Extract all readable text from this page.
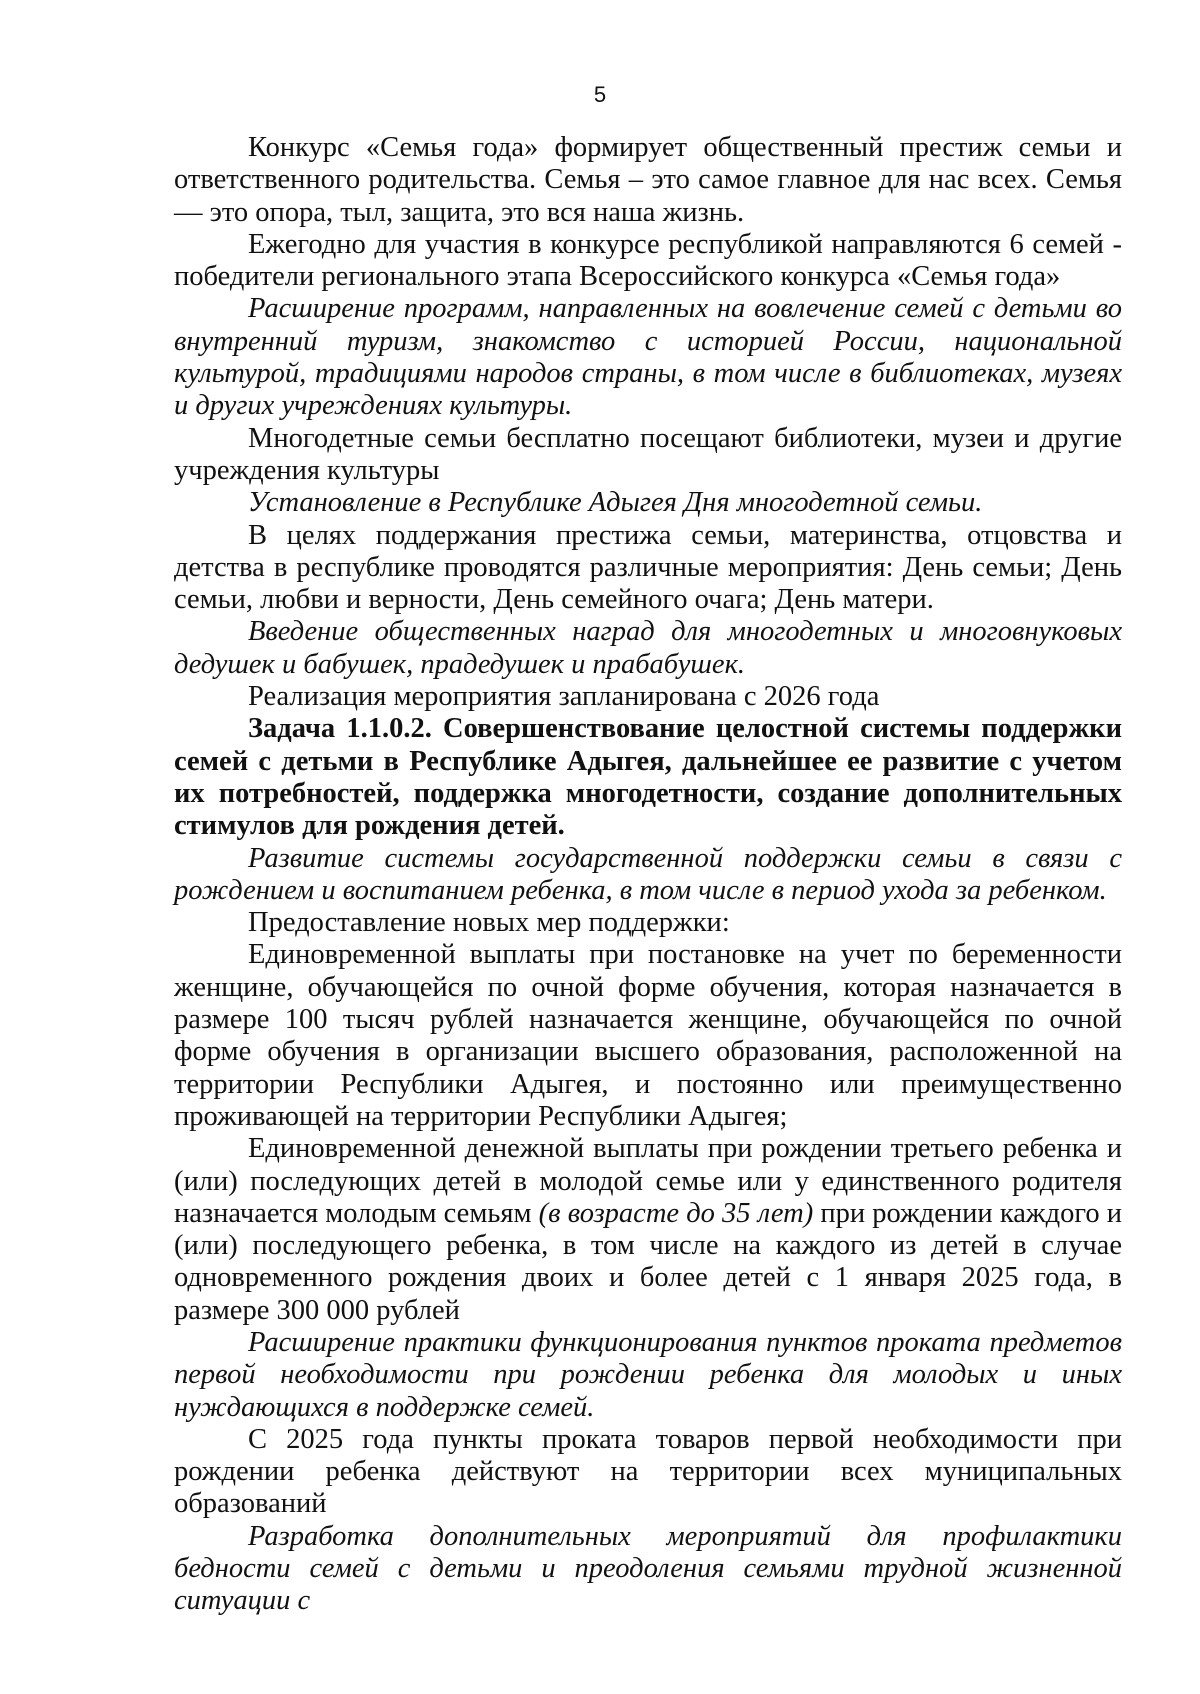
5

Конкурс «Семья года» формирует общественный престиж семьи и ответственного родительства. Семья – это самое главное для нас всех. Семья — это опора, тыл, защита, это вся наша жизнь.

Ежегодно для участия в конкурсе республикой направляются 6 семей - победители регионального этапа Всероссийского конкурса «Семья года»

Расширение программ, направленных на вовлечение семей с детьми во внутренний туризм, знакомство с историей России, национальной культурой, традициями народов страны, в том числе в библиотеках, музеях и других учреждениях культуры.

Многодетные семьи бесплатно посещают библиотеки, музеи и другие учреждения культуры

Установление в Республике Адыгея Дня многодетной семьи.

В целях поддержания престижа семьи, материнства, отцовства и детства в республике проводятся различные мероприятия: День семьи; День семьи, любви и верности, День семейного очага; День матери.

Введение общественных наград для многодетных и многовнуковых дедушек и бабушек, прадедушек и прабабушек.

Реализация мероприятия запланирована с 2026 года

Задача 1.1.0.2. Совершенствование целостной системы поддержки семей с детьми в Республике Адыгея, дальнейшее ее развитие с учетом их потребностей, поддержка многодетности, создание дополнительных стимулов для рождения детей.

Развитие системы государственной поддержки семьи в связи с рождением и воспитанием ребенка, в том числе в период ухода за ребенком.

Предоставление новых мер поддержки:

Единовременной выплаты при постановке на учет по беременности женщине, обучающейся по очной форме обучения, которая назначается в размере 100 тысяч рублей назначается женщине, обучающейся по очной форме обучения в организации высшего образования, расположенной на территории Республики Адыгея, и постоянно или преимущественно проживающей на территории Республики Адыгея;

Единовременной денежной выплаты при рождении третьего ребенка и (или) последующих детей в молодой семье или у единственного родителя назначается молодым семьям (в возрасте до 35 лет) при рождении каждого и (или) последующего ребенка, в том числе на каждого из детей в случае одновременного рождения двоих и более детей с 1 января 2025 года, в размере 300 000 рублей

Расширение практики функционирования пунктов проката предметов первой необходимости при рождении ребенка для молодых и иных нуждающихся в поддержке семей.

С 2025 года пункты проката товаров первой необходимости при рождении ребенка действуют на территории всех муниципальных образований

Разработка дополнительных мероприятий для профилактики бедности семей с детьми и преодоления семьями трудной жизненной ситуации с
